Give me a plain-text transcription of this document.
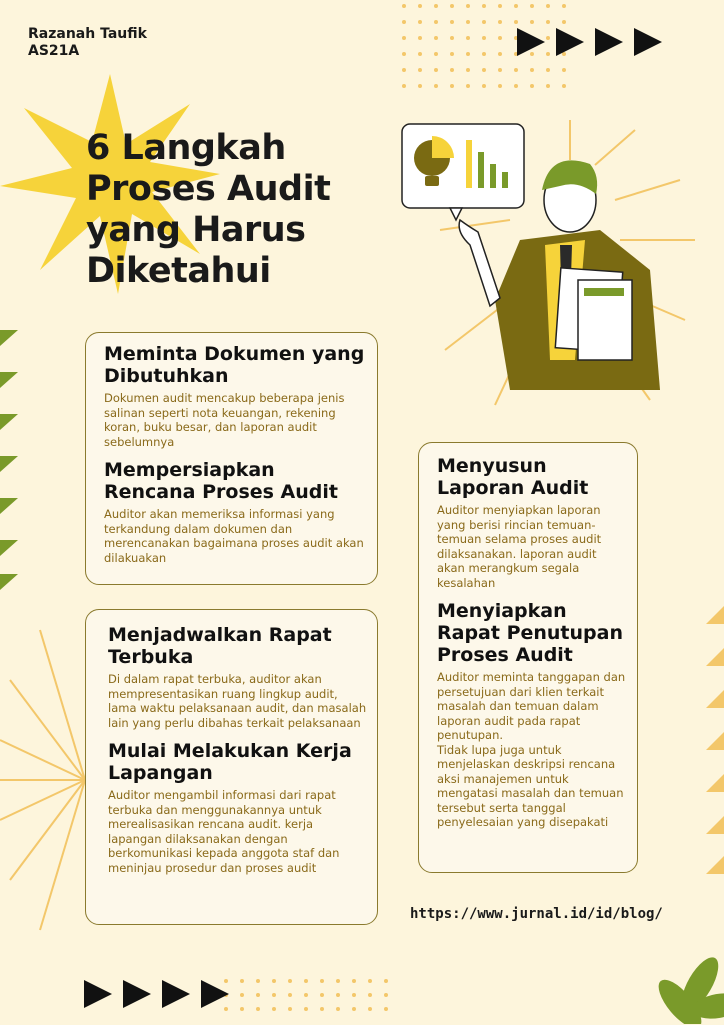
Razanah Taufik
AS21A
6 Langkah
Proses Audit
yang Harus
Diketahui
Meminta Dokumen yang Dibutuhkan

Dokumen audit mencakup beberapa jenis salinan seperti nota keuangan, rekening koran, buku besar, dan laporan audit sebelumnya

Mempersiapkan Rencana Proses Audit

Auditor akan memeriksa informasi yang terkandung dalam dokumen dan merencanakan bagaimana proses audit akan dilakuakan

Menjadwalkan Rapat Terbuka

Di dalam rapat terbuka, auditor akan mempresentasikan ruang lingkup audit, lama waktu pelaksanaan audit, dan masalah lain yang perlu dibahas terkait pelaksanaan

Mulai Melakukan Kerja Lapangan

Auditor mengambil informasi dari rapat terbuka dan menggunakannya untuk merealisasikan rencana audit. kerja lapangan dilaksanakan dengan berkomunikasi kepada anggota staf dan meninjau prosedur dan proses audit

Menyusun Laporan Audit

Auditor menyiapkan laporan yang berisi rincian temuan-temuan selama proses audit dilaksanakan. laporan audit akan merangkum segala kesalahan

Menyiapkan Rapat Penutupan Proses Audit

Auditor meminta tanggapan dan persetujuan dari klien terkait masalah dan temuan dalam laporan audit pada rapat penutupan.
Tidak lupa juga untuk menjelaskan deskripsi rencana aksi manajemen untuk mengatasi masalah dan temuan tersebut serta tanggal penyelesaian yang disepakati

https://www.jurnal.id/id/blog/
